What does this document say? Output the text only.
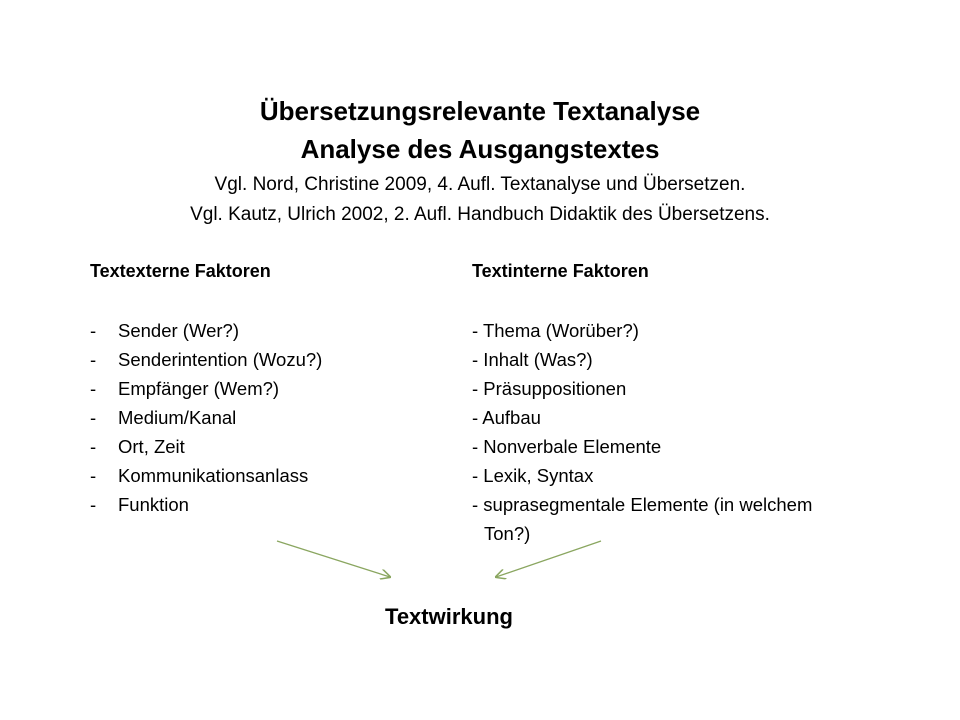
Übersetzungsrelevante Textanalyse
Analyse des Ausgangstextes
Vgl. Nord, Christine 2009, 4. Aufl. Textanalyse und Übersetzen.
Vgl. Kautz, Ulrich 2002, 2. Aufl. Handbuch Didaktik des Übersetzens.
Textexterne Faktoren	Textinterne Faktoren
-	Sender (Wer?)
-	Senderintention (Wozu?)
-	Empfänger (Wem?)
-	Medium/Kanal
-	Ort, Zeit
-	Kommunikationsanlass
-	Funktion
- Thema (Worüber?)
- Inhalt (Was?)
- Präsuppositionen
- Aufbau
- Nonverbale Elemente
- Lexik, Syntax
- suprasegmentale Elemente (in welchem
Ton?)
Textwirkung
